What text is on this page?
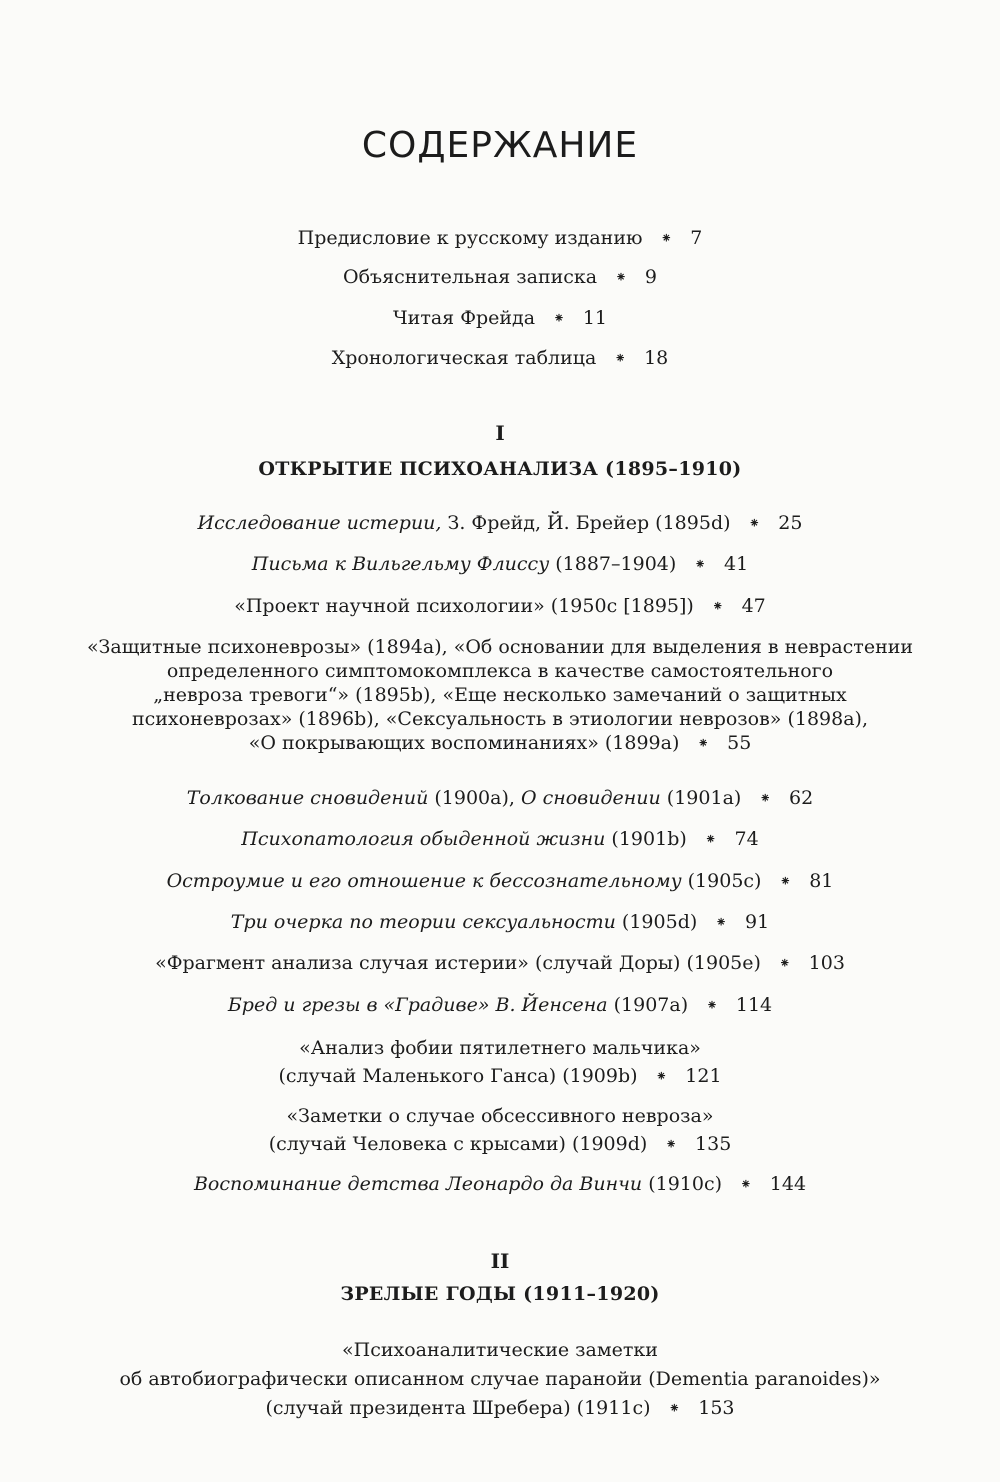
СОДЕРЖАНИЕ
Предисловие к русскому изданию ⁕ 7
Объяснительная записка ⁕ 9
Читая Фрейда ⁕ 11
Хронологическая таблица ⁕ 18
I
ОТКРЫТИЕ ПСИХОАНАЛИЗА (1895–1910)
Исследование истерии, З. Фрейд, Й. Брейер (1895d) ⁕ 25
Письма к Вильгельму Флиссу (1887–1904) ⁕ 41
«Проект научной психологии» (1950c [1895]) ⁕ 47
«Защитные психоневрозы» (1894a), «Об основании для выделения в неврастении
определенного симптомокомплекса в качестве самостоятельного
„невроза тревоги“» (1895b), «Еще несколько замечаний о защитных
психоневрозах» (1896b), «Сексуальность в этиологии неврозов» (1898a),
«О покрывающих воспоминаниях» (1899a) ⁕ 55
Толкование сновидений (1900a), О сновидении (1901a) ⁕ 62
Психопатология обыденной жизни (1901b) ⁕ 74
Остроумие и его отношение к бессознательному (1905c) ⁕ 81
Три очерка по теории сексуальности (1905d) ⁕ 91
«Фрагмент анализа случая истерии» (случай Доры) (1905e) ⁕ 103
Бред и грезы в «Градиве» В. Йенсена (1907a) ⁕ 114
«Анализ фобии пятилетнего мальчика»
(случай Маленького Ганса) (1909b) ⁕ 121
«Заметки о случае обсессивного невроза»
(случай Человека с крысами) (1909d) ⁕ 135
Воспоминание детства Леонардо да Винчи (1910c) ⁕ 144
II
ЗРЕЛЫЕ ГОДЫ (1911–1920)
«Психоаналитические заметки
об автобиографически описанном случае паранойи (Dementia paranoides)»
(случай президента Шребера) (1911c) ⁕ 153
